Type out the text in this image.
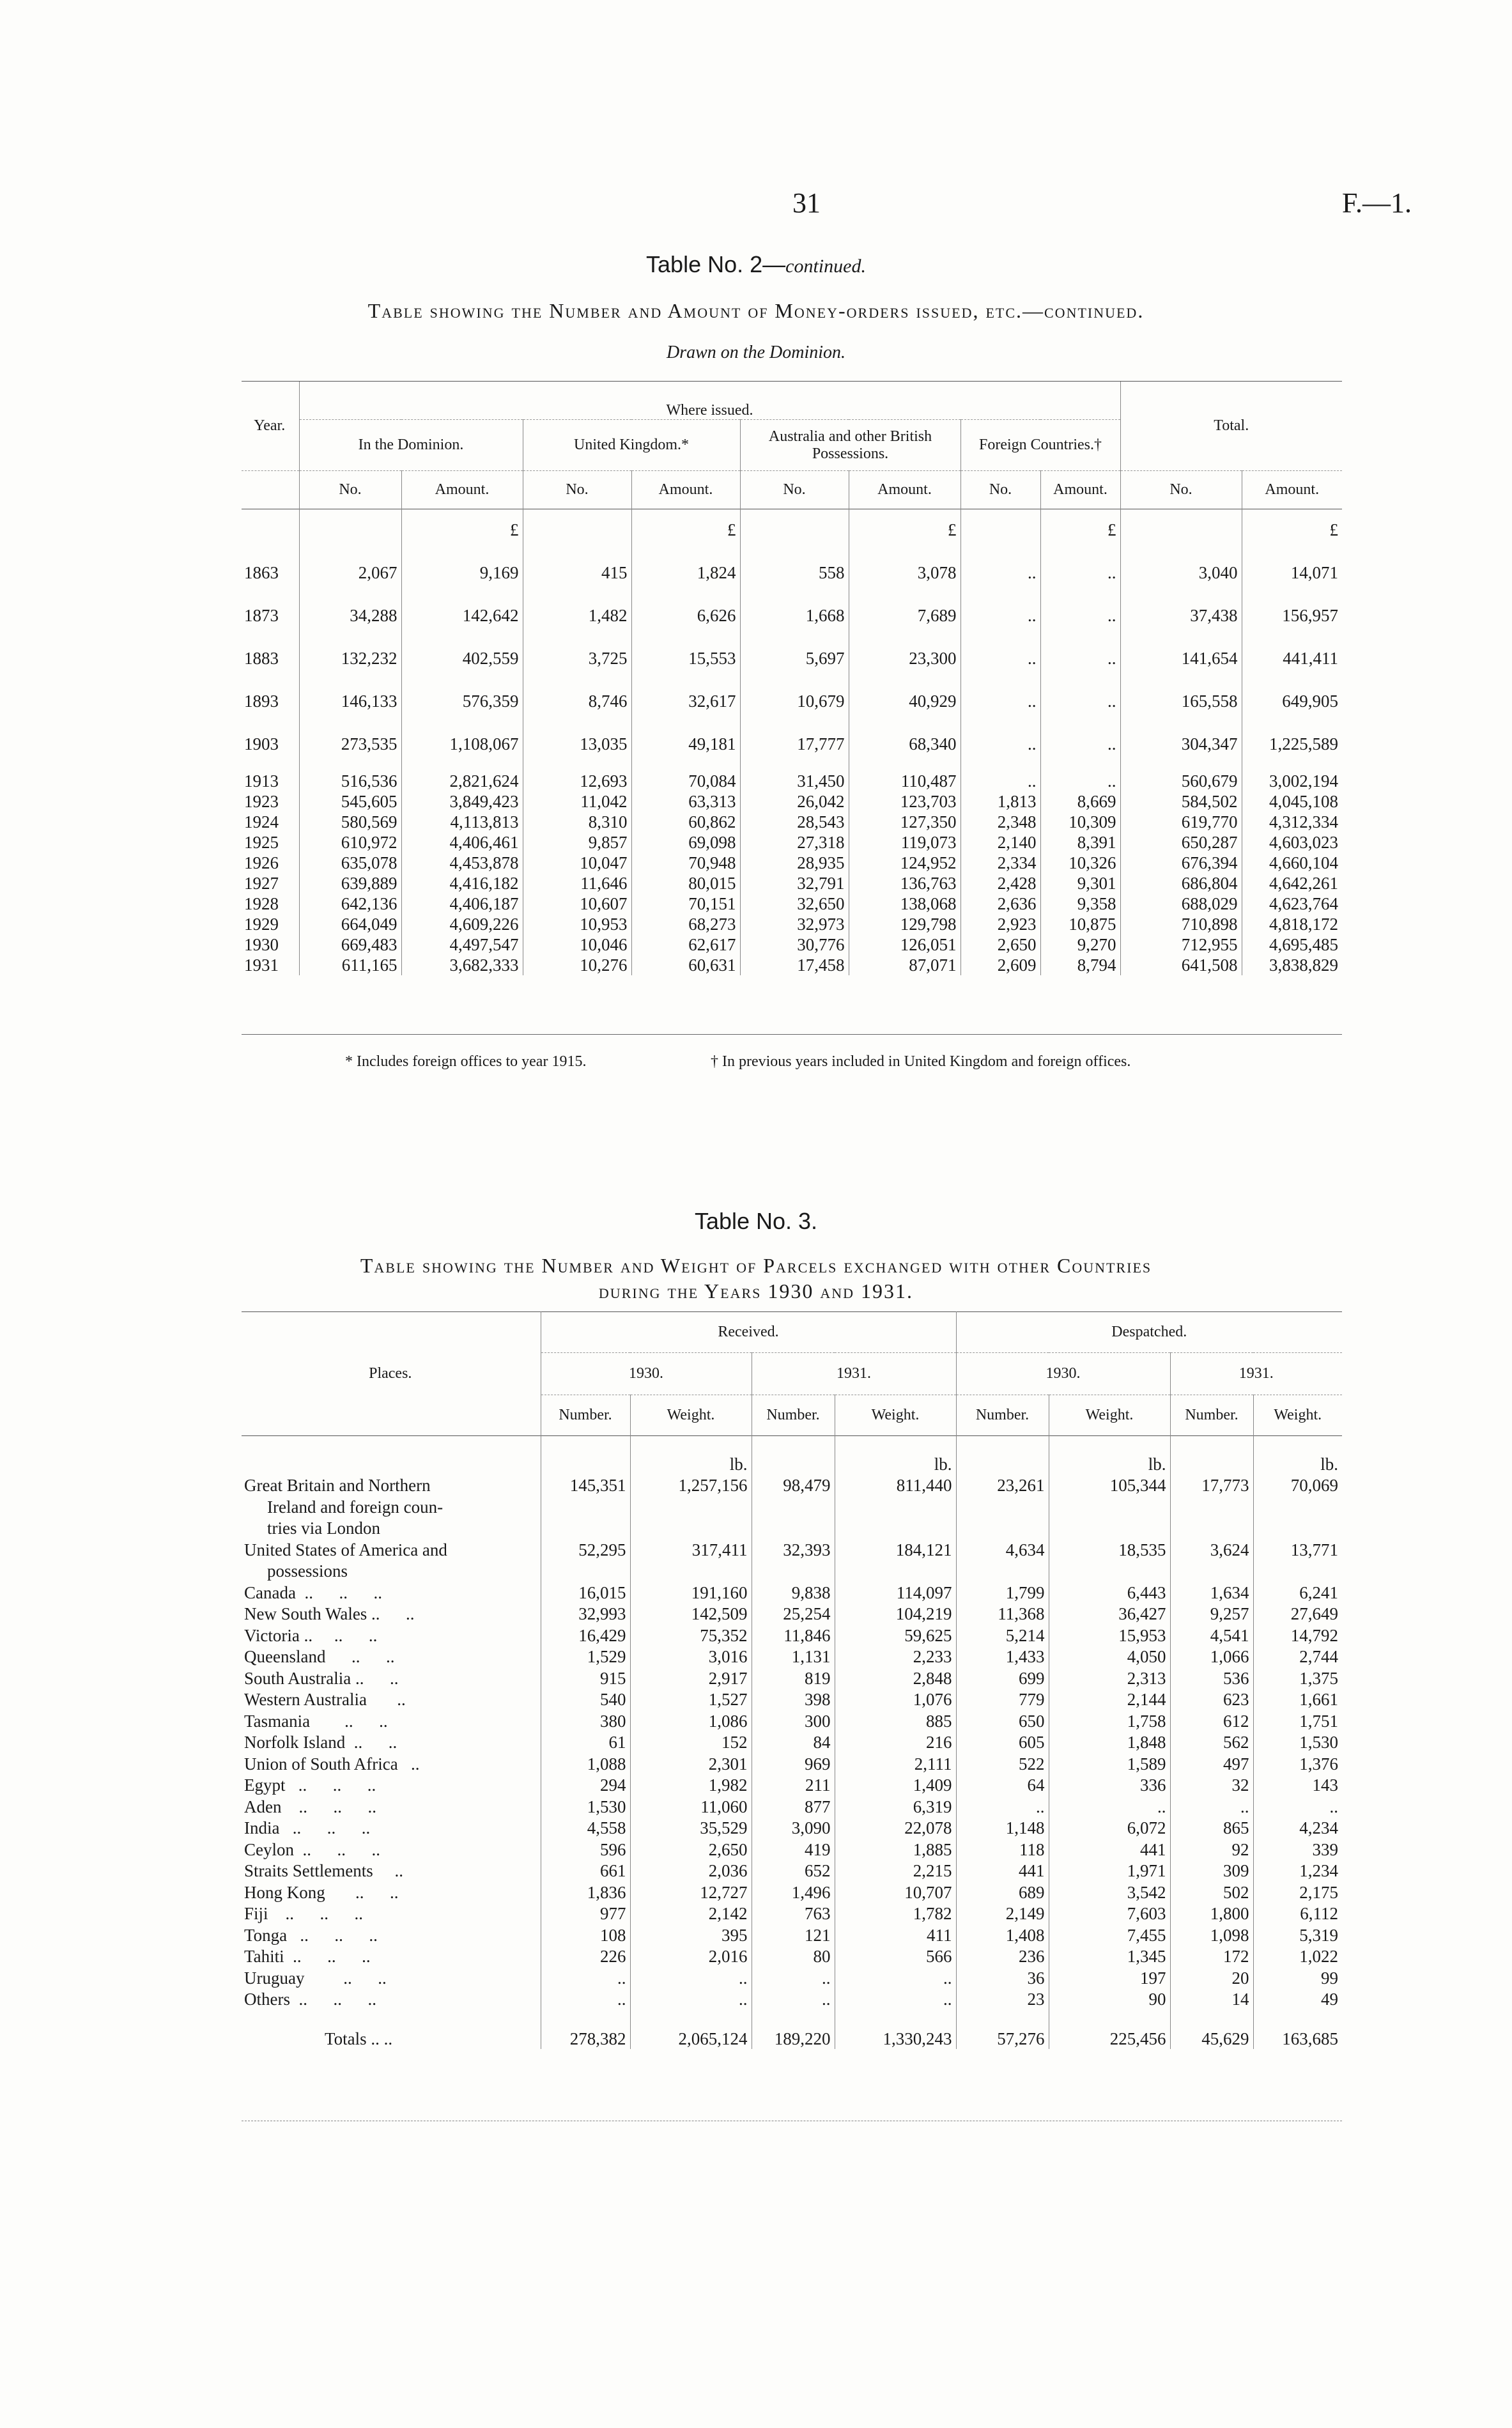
31	F.—1.
Table No. 2—continued.
Table showing the Number and Amount of Money-orders issued, etc.—continued.
Drawn on the Dominion.
Year.	Where issued.								Total.	
	In the Dominion.		United Kingdom.*		Australia and other British Possessions.		Foreign Countries.†			
	No.	Amount.	No.	Amount.	No.	Amount.	No.	Amount.	No.	Amount.
		£		£		£		£		£
1863	2,067	9,169	415	1,824	558	3,078	..	..	3,040	14,071
1873	34,288	142,642	1,482	6,626	1,668	7,689	..	..	37,438	156,957
1883	132,232	402,559	3,725	15,553	5,697	23,300	..	..	141,654	441,411
1893	146,133	576,359	8,746	32,617	10,679	40,929	..	..	165,558	649,905
1903	273,535	1,108,067	13,035	49,181	17,777	68,340	..	..	304,347	1,225,589
1913	516,536	2,821,624	12,693	70,084	31,450	110,487	..	..	560,679	3,002,194
1923	545,605	3,849,423	11,042	63,313	26,042	123,703	1,813	8,669	584,502	4,045,108
1924	580,569	4,113,813	8,310	60,862	28,543	127,350	2,348	10,309	619,770	4,312,334
1925	610,972	4,406,461	9,857	69,098	27,318	119,073	2,140	8,391	650,287	4,603,023
1926	635,078	4,453,878	10,047	70,948	28,935	124,952	2,334	10,326	676,394	4,660,104
1927	639,889	4,416,182	11,646	80,015	32,791	136,763	2,428	9,301	686,804	4,642,261
1928	642,136	4,406,187	10,607	70,151	32,650	138,068	2,636	9,358	688,029	4,623,764
1929	664,049	4,609,226	10,953	68,273	32,973	129,798	2,923	10,875	710,898	4,818,172
1930	669,483	4,497,547	10,046	62,617	30,776	126,051	2,650	9,270	712,955	4,695,485
1931	611,165	3,682,333	10,276	60,631	17,458	87,071	2,609	8,794	641,508	3,838,829
* Includes foreign offices to year 1915.	† In previous years included in United Kingdom and foreign offices.
Table No. 3.
Table showing the Number and Weight of Parcels exchanged with other Countries
during the Years 1930 and 1931.
Places.	Received.				Despatched.			
	1930.		1931.		1930.		1931.	
	Number.	Weight.	Number.	Weight.	Number.	Weight.	Number.	Weight.
		lb.		lb.		lb.		lb.
Great Britain and Northern	145,351	1,257,156	98,479	811,440	23,261	105,344	17,773	70,069
Ireland and foreign coun-								
tries via London								
United States of America and	52,295	317,411	32,393	184,121	4,634	18,535	3,624	13,771
possessions								
Canada  ..      ..      ..	16,015	191,160	9,838	114,097	1,799	6,443	1,634	6,241
New South Wales ..      ..	32,993	142,509	25,254	104,219	11,368	36,427	9,257	27,649
Victoria ..     ..      ..	16,429	75,352	11,846	59,625	5,214	15,953	4,541	14,792
Queensland      ..      ..	1,529	3,016	1,131	2,233	1,433	4,050	1,066	2,744
South Australia ..      ..	915	2,917	819	2,848	699	2,313	536	1,375
Western Australia       ..	540	1,527	398	1,076	779	2,144	623	1,661
Tasmania        ..      ..	380	1,086	300	885	650	1,758	612	1,751
Norfolk Island  ..      ..	61	152	84	216	605	1,848	562	1,530
Union of South Africa   ..	1,088	2,301	969	2,111	522	1,589	497	1,376
Egypt   ..      ..      ..	294	1,982	211	1,409	64	336	32	143
Aden    ..      ..      ..	1,530	11,060	877	6,319	..	..	..	..
India   ..      ..      ..	4,558	35,529	3,090	22,078	1,148	6,072	865	4,234
Ceylon  ..      ..      ..	596	2,650	419	1,885	118	441	92	339
Straits Settlements     ..	661	2,036	652	2,215	441	1,971	309	1,234
Hong Kong       ..      ..	1,836	12,727	1,496	10,707	689	3,542	502	2,175
Fiji    ..      ..      ..	977	2,142	763	1,782	2,149	7,603	1,800	6,112
Tonga   ..      ..      ..	108	395	121	411	1,408	7,455	1,098	5,319
Tahiti  ..      ..      ..	226	2,016	80	566	236	1,345	172	1,022
Uruguay         ..      ..	..	..	..	..	36	197	20	99
Others  ..      ..      ..	..	..	..	..	23	90	14	49
Totals .. ..	278,382	2,065,124	189,220	1,330,243	57,276	225,456	45,629	163,685
